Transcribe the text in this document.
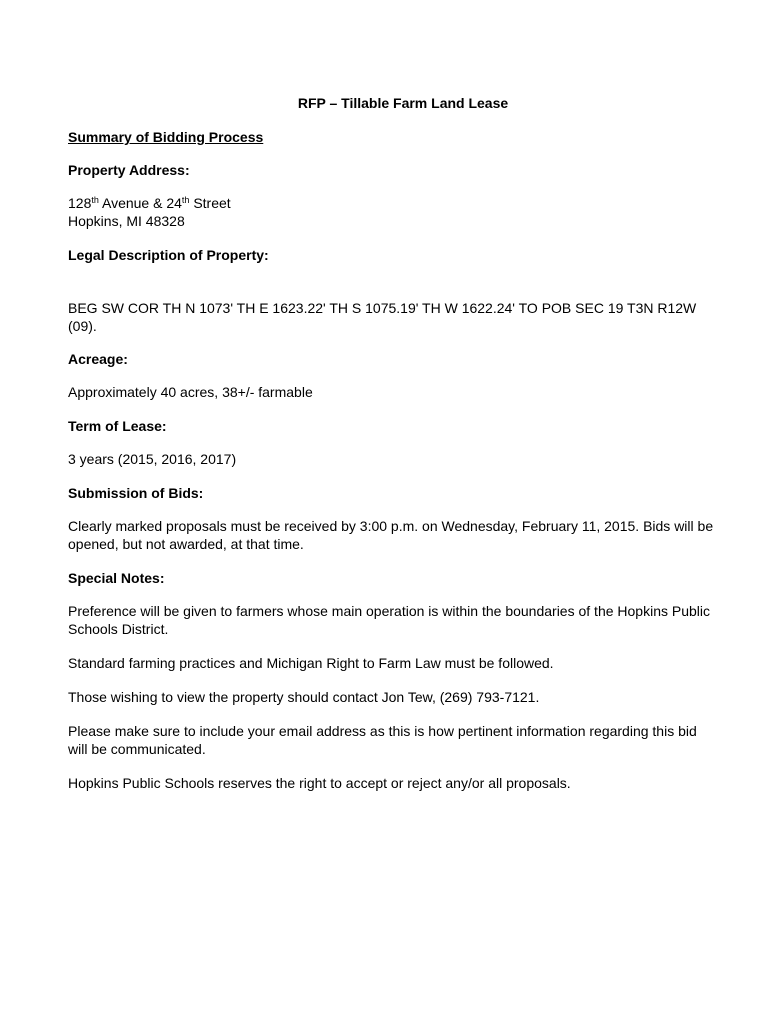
RFP – Tillable Farm Land Lease
Summary of Bidding Process
Property Address:
128th Avenue & 24th Street
Hopkins, MI 48328
Legal Description of Property:
BEG SW COR TH N 1073' TH E 1623.22' TH S 1075.19' TH W 1622.24' TO POB SEC 19 T3N R12W (09).
Acreage:
Approximately 40 acres, 38+/- farmable
Term of Lease:
3 years (2015, 2016, 2017)
Submission of Bids:
Clearly marked proposals must be received by 3:00 p.m. on Wednesday, February 11, 2015. Bids will be opened, but not awarded, at that time.
Special Notes:
Preference will be given to farmers whose main operation is within the boundaries of the Hopkins Public Schools District.
Standard farming practices and Michigan Right to Farm Law must be followed.
Those wishing to view the property should contact Jon Tew, (269) 793-7121.
Please make sure to include your email address as this is how pertinent information regarding this bid will be communicated.
Hopkins Public Schools reserves the right to accept or reject any/or all proposals.
